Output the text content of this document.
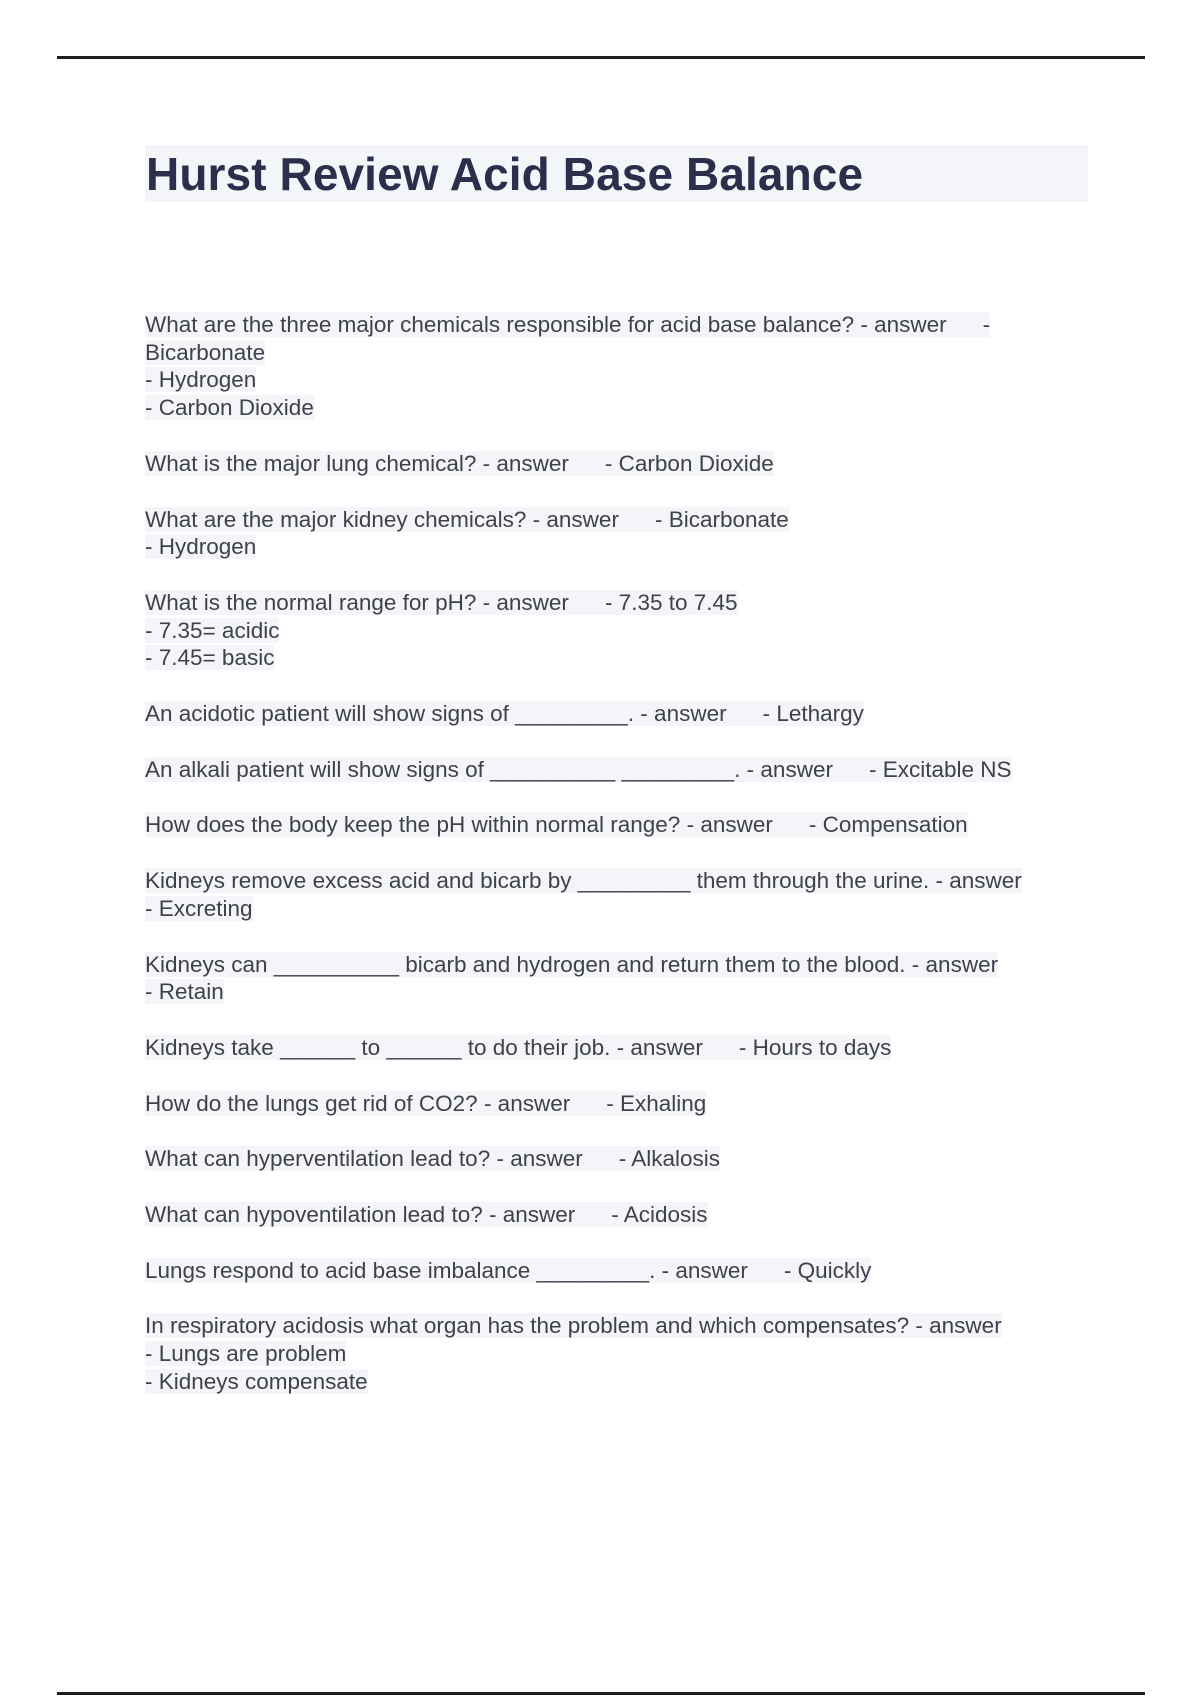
Hurst Review Acid Base Balance
What are the three major chemicals responsible for acid base balance? - answer -
Bicarbonate
- Hydrogen
- Carbon Dioxide
What is the major lung chemical? - answer - Carbon Dioxide
What are the major kidney chemicals? - answer - Bicarbonate
- Hydrogen
What is the normal range for pH? - answer - 7.35 to 7.45
- 7.35= acidic
- 7.45= basic
An acidotic patient will show signs of _________. - answer - Lethargy
An alkali patient will show signs of __________ _________. - answer - Excitable NS
How does the body keep the pH within normal range? - answer - Compensation
Kidneys remove excess acid and bicarb by _________ them through the urine. - answer
- Excreting
Kidneys can __________ bicarb and hydrogen and return them to the blood. - answer
- Retain
Kidneys take ______ to ______ to do their job. - answer - Hours to days
How do the lungs get rid of CO2? - answer - Exhaling
What can hyperventilation lead to? - answer - Alkalosis
What can hypoventilation lead to? - answer - Acidosis
Lungs respond to acid base imbalance _________. - answer - Quickly
In respiratory acidosis what organ has the problem and which compensates? - answer
- Lungs are problem
- Kidneys compensate
